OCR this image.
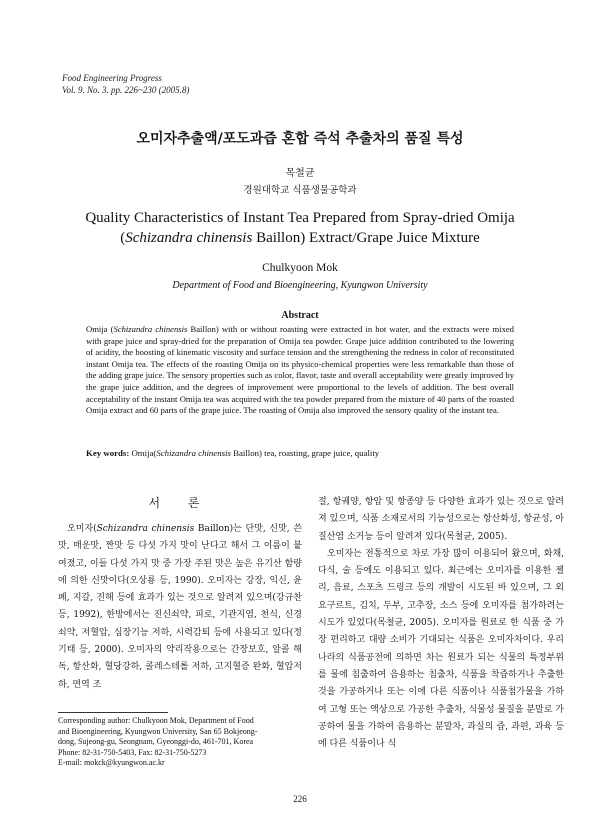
Food Engineering Progress
Vol. 9. No. 3. pp. 226~230 (2005.8)
오미자추출액/포도과즙 혼합 즉석 추출차의 품질 특성
목철균
경원대학교 식품생물공학과
Quality Characteristics of Instant Tea Prepared from Spray-dried Omija
(Schizandra chinensis Baillon) Extract/Grape Juice Mixture
Chulkyoon Mok
Department of Food and Bioengineering, Kyungwon University
Abstract
Omija (Schizandra chinensis Baillon) with or without roasting were extracted in hot water, and the extracts were mixed with grape juice and spray-dried for the preparation of Omija tea powder. Grape juice addition contributed to the lowering of acidity, the boosting of kinematic viscosity and surface tension and the strengthening the redness in color of reconstituted instant Omija tea. The effects of the roasting Omija on its physico-chemical properties were less remarkable than those of the adding grape juice. The sensory properties such as color, flavor, taste and overall acceptability were greatly improved by the grape juice addition, and the degrees of improvement were proportional to the levels of addition. The best overall acceptability of the instant Omija tea was acquired with the tea powder prepared from the mixture of 40 parts of the roasted Omija extract and 60 parts of the grape juice. The roasting of Omija also improved the sensory quality of the instant tea.
Key words: Omija(Schizandra chinensis Baillon) tea, roasting, grape juice, quality
서 론

오미자(Schizandra chinensis Baillon)는 단맛, 신맛, 쓴맛, 매운맛, 짠맛 등 다섯 가지 맛이 난다고 해서 그 이름이 붙여졌고, 이들 다섯 가지 맛 중 가장 주된 맛은 높은 유기산 함량에 의한 신맛이다(오상룡 등, 1990). 오미자는 강장, 익신, 윤폐, 지갈, 진해 등에 효과가 있는 것으로 알려져 있으며(강규찬 등, 1992), 한방에서는 진신쇠약, 피로, 기관지염, 천식, 신경쇠약, 저혈압, 심장기능 저하, 시력감퇴 등에 사용되고 있다(정기태 등, 2000). 오미자의 약리작용으로는 간장보호, 알콜 해독, 항산화, 혈당강하, 콜레스테롤 저하, 고지혈증 완화, 혈압저하, 면역 조

절, 항궤양, 항암 및 항종양 등 다양한 효과가 있는 것으로 알려져 있으며, 식품 소재로서의 기능성으로는 항산화성, 항균성, 아질산염 소거능 등이 알려져 있다(목철균, 2005).

오미자는 전통적으로 차로 가장 많이 이용되어 왔으며, 화채, 다식, 술 등에도 이용되고 있다. 최근에는 오미자를 이용한 젤리, 음료, 스포츠 드링크 등의 개발이 시도된 바 있으며, 그 외 요구르트, 김치, 두부, 고추장, 소스 등에 오미자를 첨가하려는 시도가 있었다(목철균, 2005). 오미자를 원료로 한 식품 중 가장 편리하고 대량 소비가 기대되는 식품은 오미자차이다. 우리나라의 식품공전에 의하면 차는 원료가 되는 식물의 특정부위를 물에 침출하여 음용하는 침출차, 식품을 착즙하거나 추출한 것을 가공하거나 또는 이에 다른 식품이나 식품첨가물을 가하여 고형 또는 액상으로 가공한 추출차, 식물성 물질을 분말로 가공하여 물을 가하여 음용하는 분말차, 과실의 즙, 과편, 과육 등에 다른 식품이나 식

Corresponding author: Chulkyoon Mok, Department of Food
and Bioengineering, Kyungwon University, San 65 Bokjeong-
dong, Sujeong-gu, Seongnam, Gyeonggi-do, 461-701, Korea
Phone: 82-31-750-5403, Fax: 82-31-750-5273
E-mail: mokck@kyungwon.ac.kr
226
